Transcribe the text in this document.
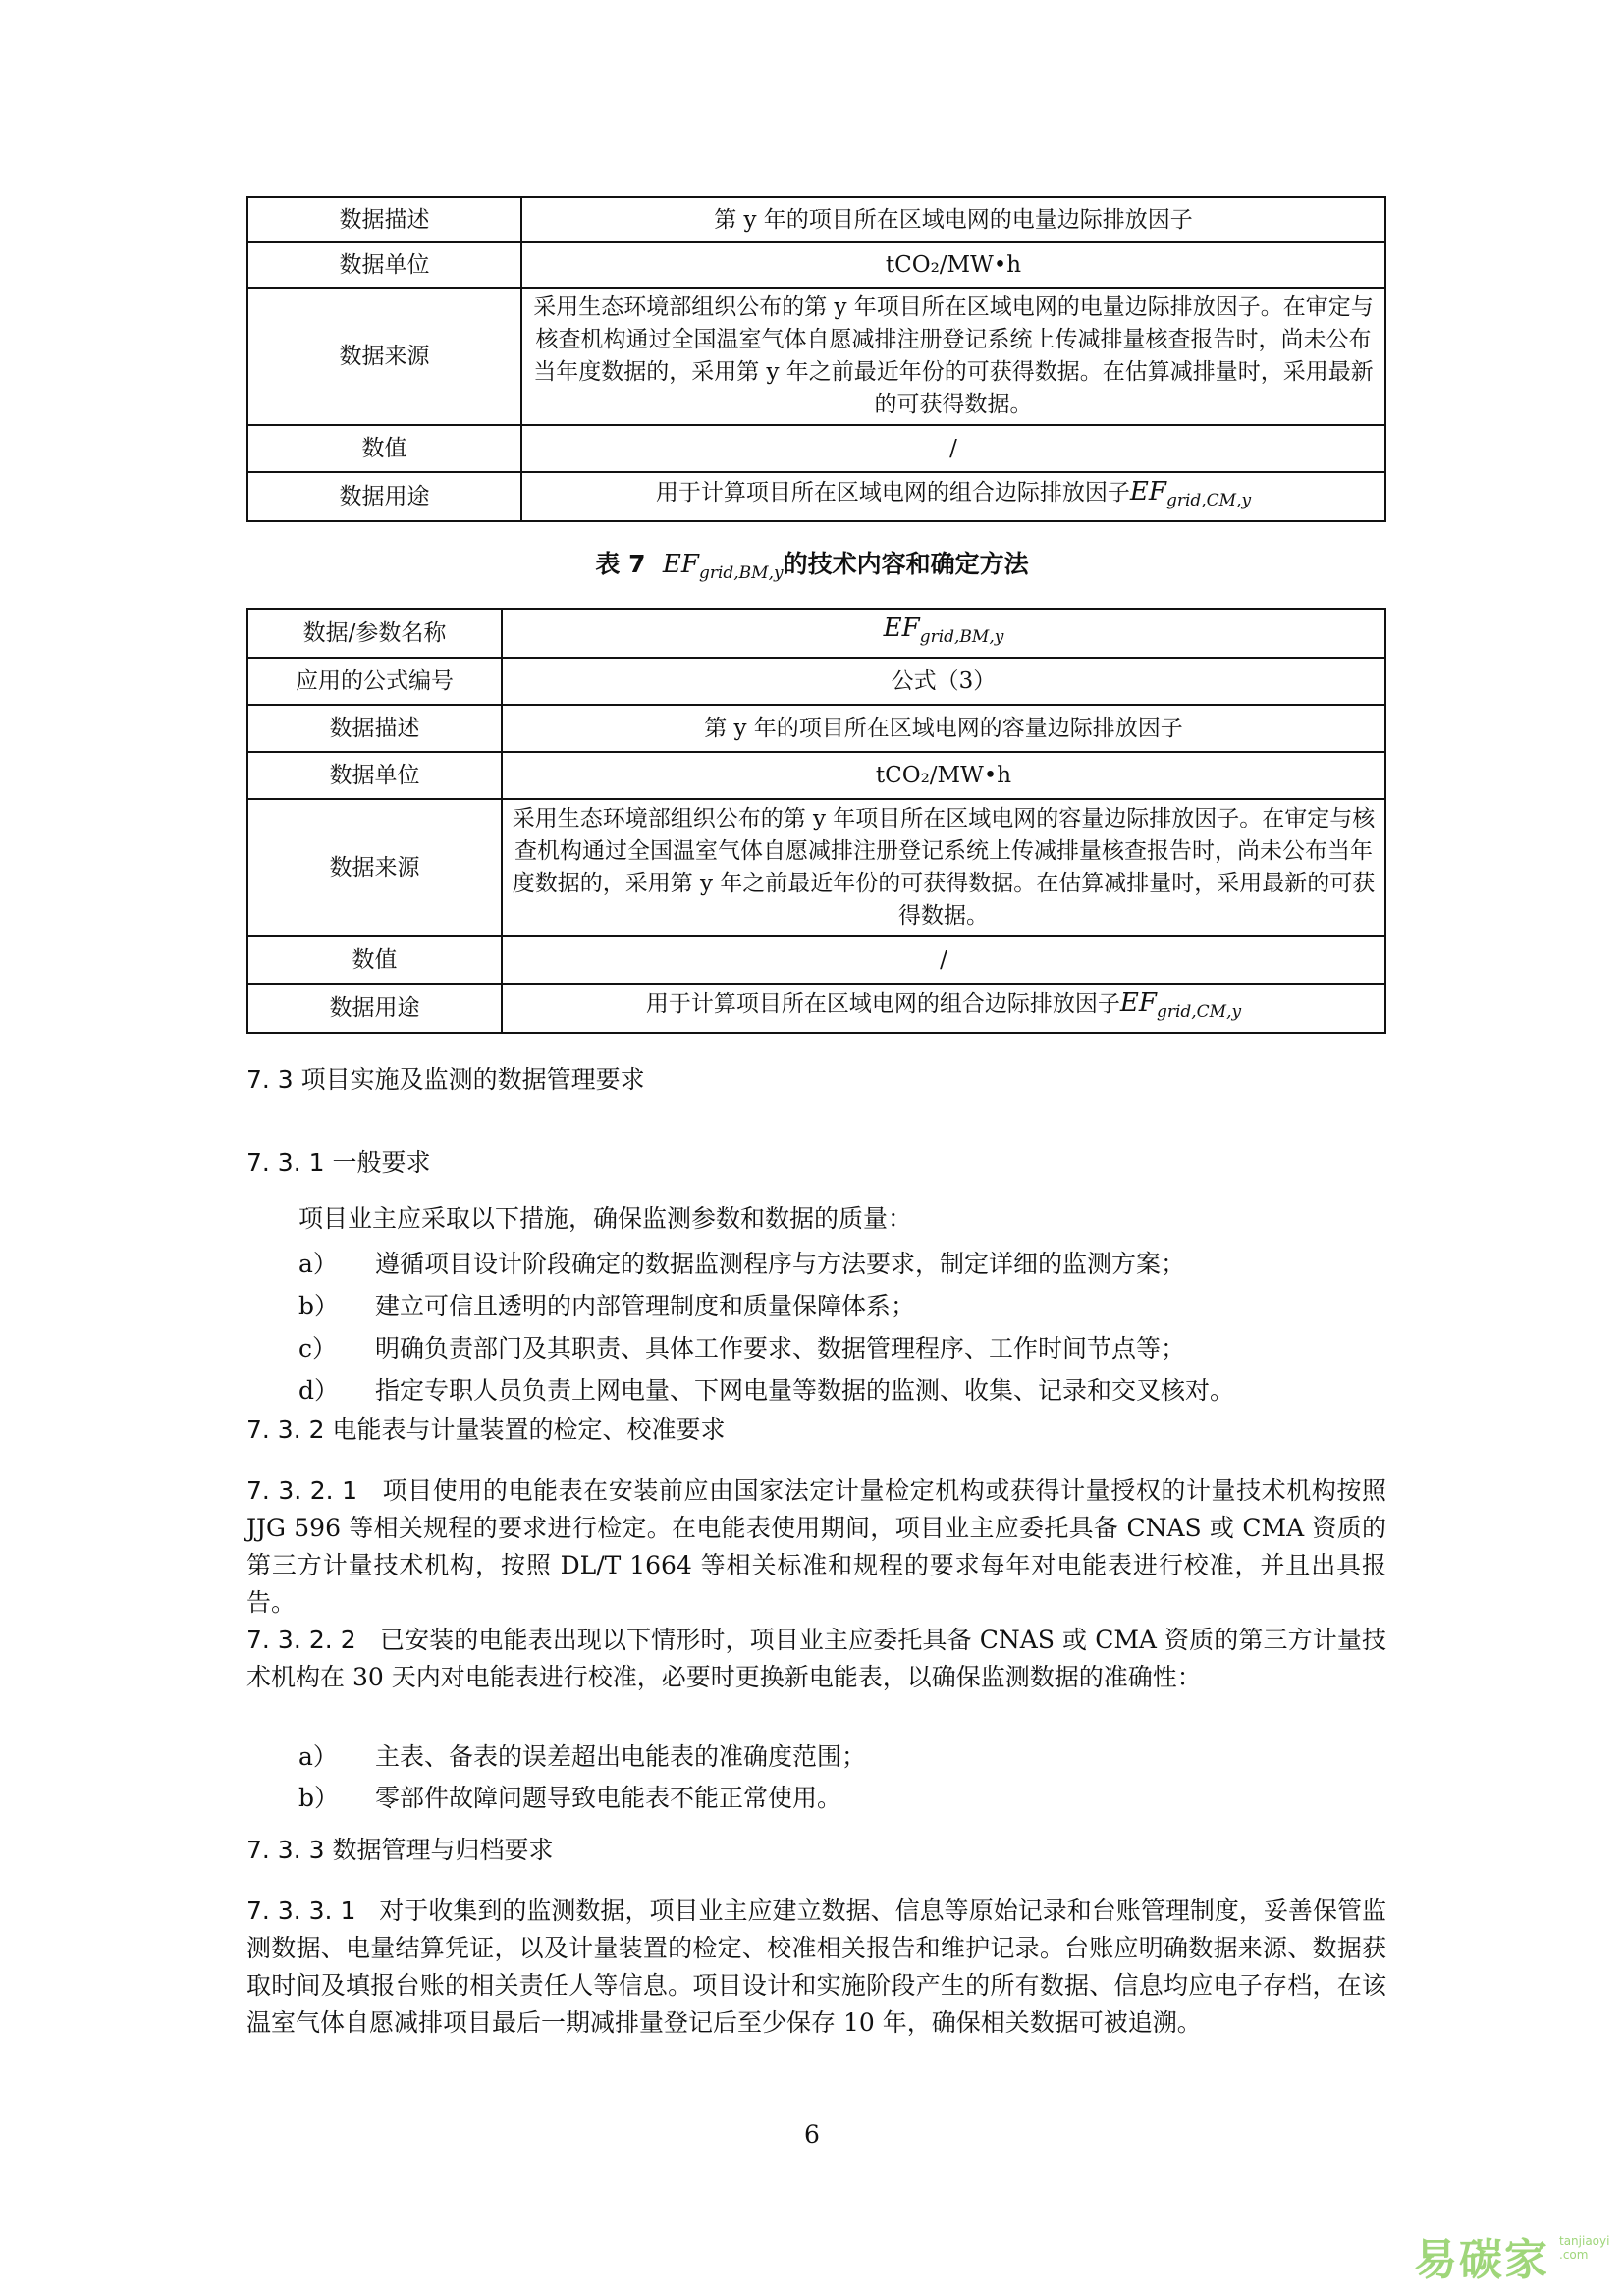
数据描述	第 y 年的项目所在区域电网的电量边际排放因子
数据单位	tCO₂/MW•h
数据来源	采用生态环境部组织公布的第 y 年项目所在区域电网的电量边际排放因子。在审定与核查机构通过全国温室气体自愿减排注册登记系统上传减排量核查报告时，尚未公布当年度数据的，采用第 y 年之前最近年份的可获得数据。在估算减排量时，采用最新的可获得数据。
数值	/
数据用途	用于计算项目所在区域电网的组合边际排放因子$EF_{grid,CM,y}$
表 7 $EF_{grid,BM,y}$的技术内容和确定方法
数据/参数名称	$EF_{grid,BM,y}$
应用的公式编号	公式（3）
数据描述	第 y 年的项目所在区域电网的容量边际排放因子
数据单位	tCO₂/MW•h
数据来源	采用生态环境部组织公布的第 y 年项目所在区域电网的容量边际排放因子。在审定与核查机构通过全国温室气体自愿减排注册登记系统上传减排量核查报告时，尚未公布当年度数据的，采用第 y 年之前最近年份的可获得数据。在估算减排量时，采用最新的可获得数据。
数值	/
数据用途	用于计算项目所在区域电网的组合边际排放因子$EF_{grid,CM,y}$
7. 3 项目实施及监测的数据管理要求
7. 3. 1 一般要求
项目业主应采取以下措施，确保监测参数和数据的质量：
a） 遵循项目设计阶段确定的数据监测程序与方法要求，制定详细的监测方案；
b） 建立可信且透明的内部管理制度和质量保障体系；
c） 明确负责部门及其职责、具体工作要求、数据管理程序、工作时间节点等；
d） 指定专职人员负责上网电量、下网电量等数据的监测、收集、记录和交叉核对。
7. 3. 2 电能表与计量装置的检定、校准要求
7. 3. 2. 1 项目使用的电能表在安装前应由国家法定计量检定机构或获得计量授权的计量技术机构按照 JJG 596 等相关规程的要求进行检定。在电能表使用期间，项目业主应委托具备 CNAS 或 CMA 资质的第三方计量技术机构，按照 DL/T 1664 等相关标准和规程的要求每年对电能表进行校准，并且出具报告。
7. 3. 2. 2 已安装的电能表出现以下情形时，项目业主应委托具备 CNAS 或 CMA 资质的第三方计量技术机构在 30 天内对电能表进行校准，必要时更换新电能表，以确保监测数据的准确性：
a） 主表、备表的误差超出电能表的准确度范围；
b） 零部件故障问题导致电能表不能正常使用。
7. 3. 3 数据管理与归档要求
7. 3. 3. 1 对于收集到的监测数据，项目业主应建立数据、信息等原始记录和台账管理制度，妥善保管监测数据、电量结算凭证，以及计量装置的检定、校准相关报告和维护记录。台账应明确数据来源、数据获取时间及填报台账的相关责任人等信息。项目设计和实施阶段产生的所有数据、信息均应电子存档，在该温室气体自愿减排项目最后一期减排量登记后至少保存 10 年，确保相关数据可被追溯。
6
易碳家 tanjiaoyi .com
